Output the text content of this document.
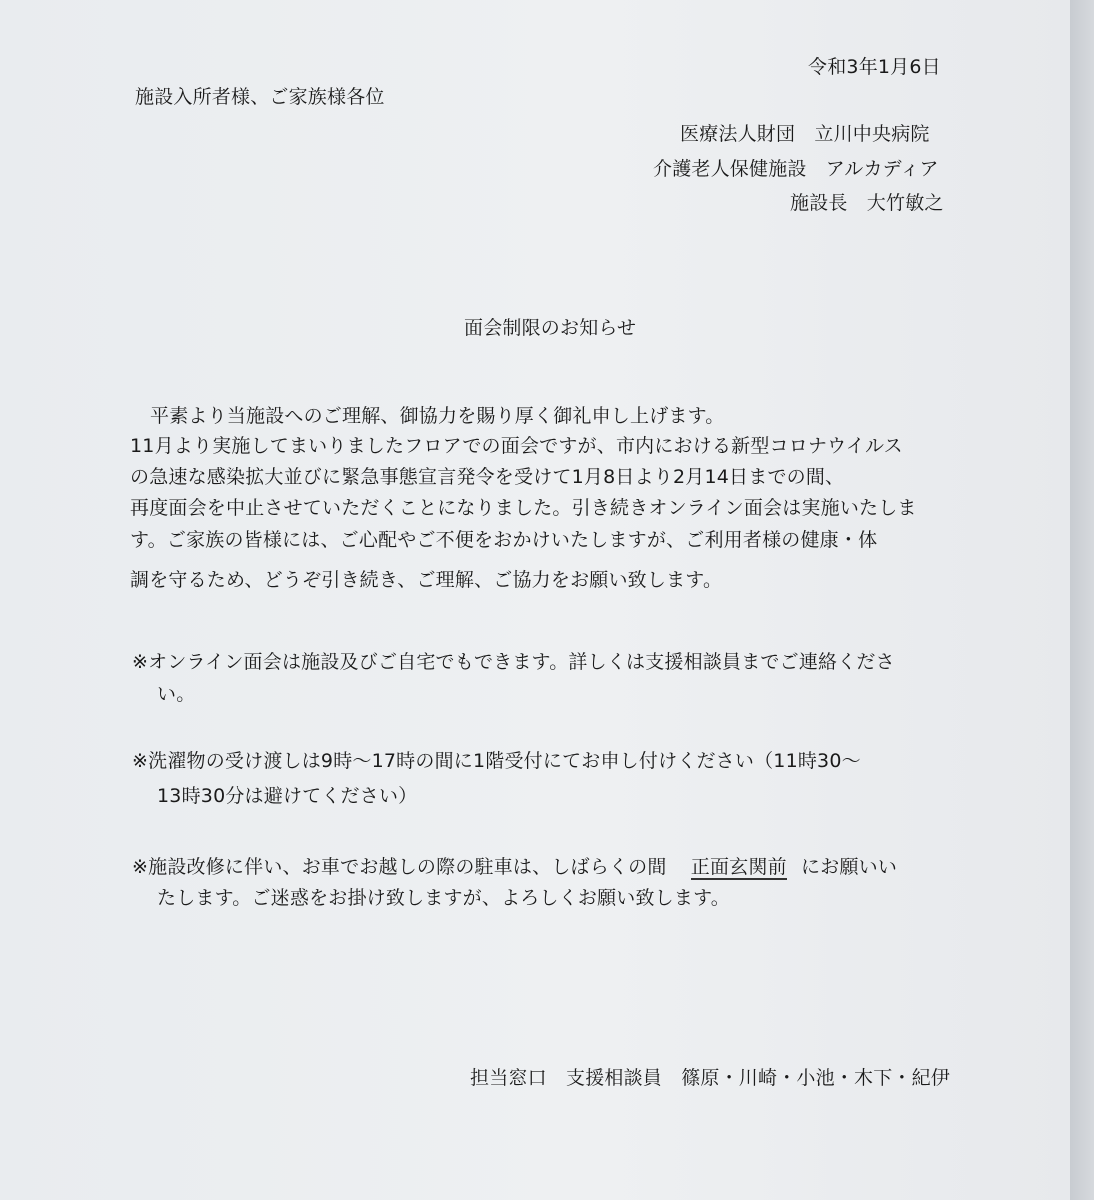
令和3年1月6日
施設入所者様、ご家族様各位
医療法人財団　立川中央病院
介護老人保健施設　アルカディア
施設長　大竹敏之
面会制限のお知らせ
平素より当施設へのご理解、御協力を賜り厚く御礼申し上げます。
11月より実施してまいりましたフロアでの面会ですが、市内における新型コロナウイルス
の急速な感染拡大並びに緊急事態宣言発令を受けて1月8日より2月14日までの間、
再度面会を中止させていただくことになりました。引き続きオンライン面会は実施いたしま
す。ご家族の皆様には、ご心配やご不便をおかけいたしますが、ご利用者様の健康・体
調を守るため、どうぞ引き続き、ご理解、ご協力をお願い致します。
※オンライン面会は施設及びご自宅でもできます。詳しくは支援相談員までご連絡くださ
い。
※洗濯物の受け渡しは9時～17時の間に1階受付にてお申し付けください（11時30～
13時30分は避けてください）
※施設改修に伴い、お車でお越しの際の駐車は、しばらくの間 正面玄関前 にお願いい
たします。ご迷惑をお掛け致しますが、よろしくお願い致します。
担当窓口　支援相談員　篠原・川崎・小池・木下・紀伊
